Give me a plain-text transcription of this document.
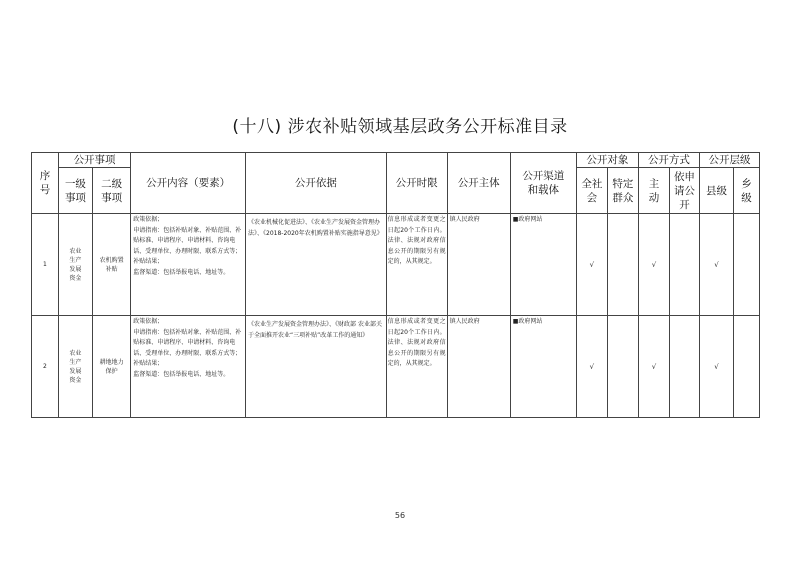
(十八) 涉农补贴领域基层政务公开标准目录
序号	公开事项		公开内容（要素）	公开依据	公开时限	公开主体	公开渠道和载体	公开对象		公开方式		公开层级	
	一级事项	二级事项						全社会	特定群众	主动	依申请公开	县级	乡级
1	农业生产发展资金	农机购置补贴	政策依据；
申请指南：包括补贴对象、补贴范围、补贴标准、申请程序、申请材料、咨询电话、受理单位、办理时限、联系方式等；
补贴结果；
监督渠道：包括举报电话、地址等。	《农业机械化促进法》、《农业生产发展资金管理办法》、《2018-2020年农机购置补贴实施指导意见》	信息形成或者变更之日起20个工作日内。法律、法规对政府信息公开的期限另有规定的，从其规定。	镇人民政府	■政府网站	√		√		√	
2	农业生产发展资金	耕地地力保护	政策依据；
申请指南：包括补贴对象、补贴范围、补贴标准、申请程序、申请材料、咨询电话、受理单位、办理时限、联系方式等；
补贴结果；
监督渠道：包括举报电话、地址等。	《农业生产发展资金管理办法》、《财政部 农业部关于全面推开农业“三项补贴”改革工作的通知》	信息形成或者变更之日起20个工作日内。法律、法规对政府信息公开的期限另有规定的，从其规定。	镇人民政府	■政府网站	√		√		√	
56
